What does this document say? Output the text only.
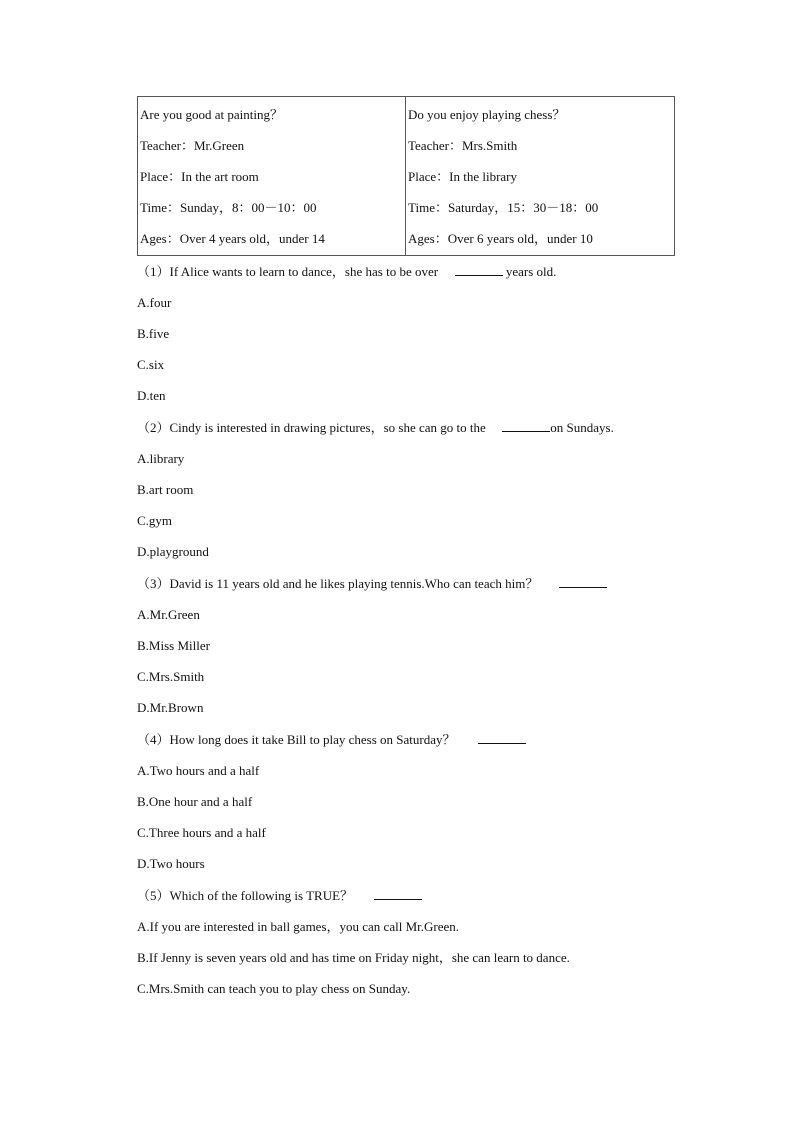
Are you good at painting？
Teacher：Mr.Green
Place：In the art room
Time：Sunday，8：00－10：00
Ages：Over 4 years old，under 14
Do you enjoy playing chess？
Teacher：Mrs.Smith
Place：In the library
Time：Saturday，15：30－18：00
Ages：Over 6 years old，under 10
（1）If Alice wants to learn to dance，she has to be over	years old.
A.four
B.five
C.six
D.ten
（2）Cindy is interested in drawing pictures，so she can go to the	on Sundays.
A.library
B.art room
C.gym
D.playground
（3）David is 11 years old and he likes playing tennis.Who can teach him？
A.Mr.Green
B.Miss Miller
C.Mrs.Smith
D.Mr.Brown
（4）How long does it take Bill to play chess on Saturday？
A.Two hours and a half
B.One hour and a half
C.Three hours and a half
D.Two hours
（5）Which of the following is TRUE？
A.If you are interested in ball games，you can call Mr.Green.
B.If Jenny is seven years old and has time on Friday night，she can learn to dance.
C.Mrs.Smith can teach you to play chess on Sunday.
